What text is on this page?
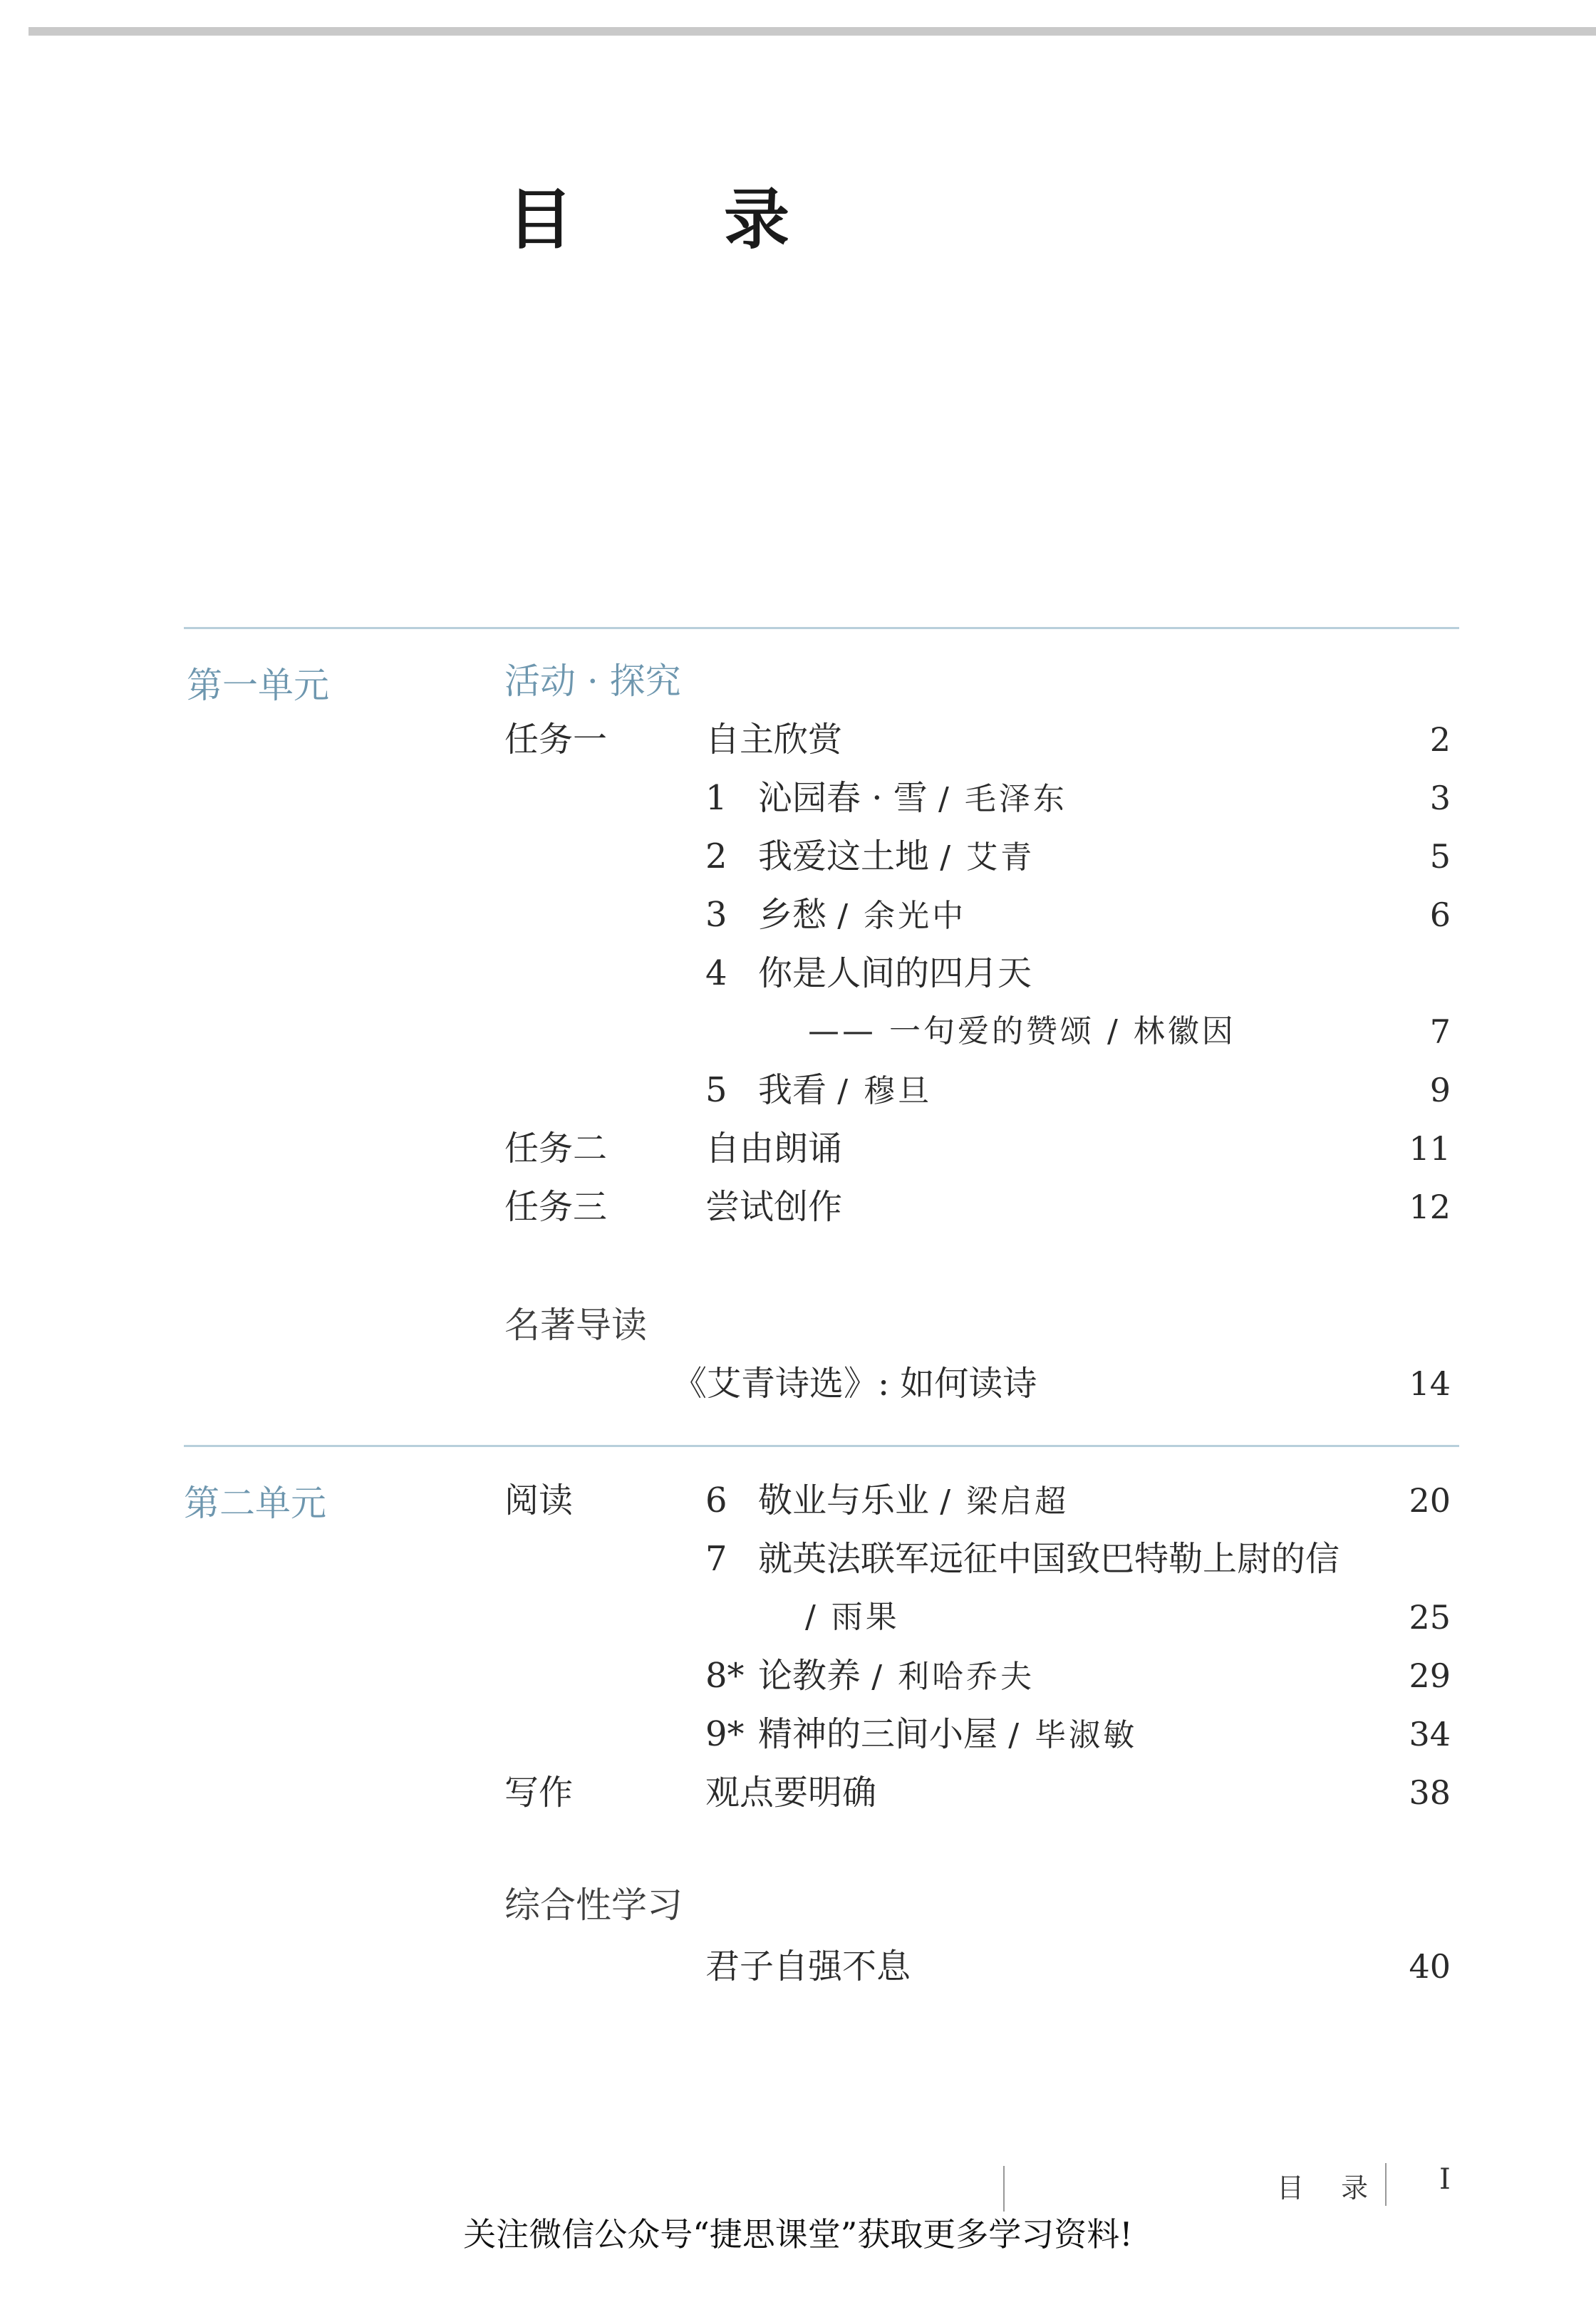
目 录
第一单元	活动 · 探究
任务一	自主欣赏	2
1 沁园春 · 雪 / 毛泽东	3
2 我爱这土地 / 艾青	5
3 乡愁 / 余光中	6
4 你是人间的四月天
—— 一句爱的赞颂 / 林徽因	7
5 我看 / 穆旦	9
任务二	自由朗诵	11
任务三	尝试创作	12
名著导读
《艾青诗选》: 如何读诗	14
第二单元	阅读	6 敬业与乐业 / 梁启超	20
7 就英法联军远征中国致巴特勒上尉的信
/ 雨果	25
8* 论教养 / 利哈乔夫	29
9* 精神的三间小屋 / 毕淑敏	34
写作	观点要明确	38
综合性学习
君子自强不息	40
目 录 I
关注微信公众号“捷思课堂”获取更多学习资料!
